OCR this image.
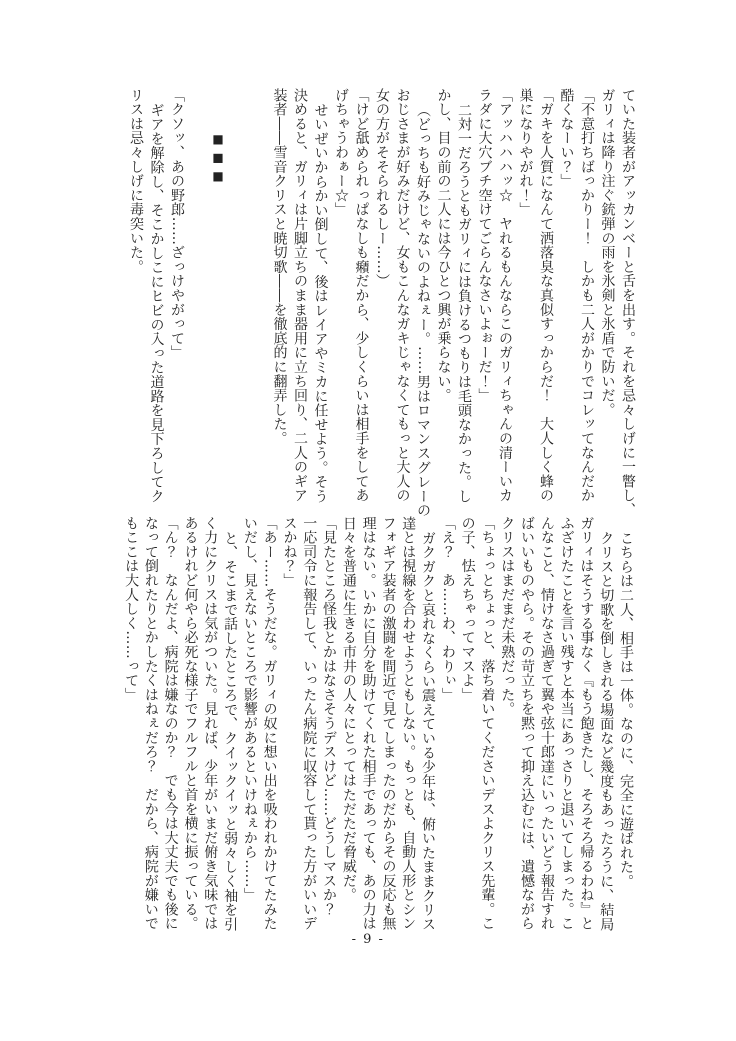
ていた装者がアッカンベーと舌を出す。それを忌々しげに一瞥し、
ガリィは降り注ぐ銃弾の雨を氷剣と氷盾で防いだ。
「不意打ちばっかりー！　しかも二人がかりでコレッてなんだか
酷くなーい？」
「ガキを人質になんて洒落臭な真似すっからだ！　大人しく蜂の
巣になりやがれ！」
「アッハハハッ☆　ヤれるもんならこのガリィちゃんの清ーいカ
ラダに大穴ブチ空けてごらんなさいよぉーだ！」
二対一だろうともガリィには負けるつもりは毛頭なかった。し
かし、目の前の二人には今ひとつ興が乗らない。
（どっちも好みじゃないのよねぇー。……男はロマンスグレーの
おじさまが好みだけど、女もこんなガキじゃなくてもっと大人の
女の方がそそられるしー……）
「けど舐められっぱなしも癪だから、少しくらいは相手をしてあ
げちゃうわぁー☆」
せいぜいからかい倒して、後はレイアやミカに任せよう。そう
決めると、ガリィは片脚立ちのまま器用に立ち回り、二人のギア
装者――雪音クリスと暁切歌――を徹底的に翻弄した。
■■■
「クソッ、あの野郎……ざっけやがって」
ギアを解除し、そこかしこにヒビの入った道路を見下ろしてク
リスは忌々しげに毒突いた。
こちらは二人、相手は一体。なのに、完全に遊ばれた。
クリスと切歌を倒しきれる場面など幾度もあったろうに、結局
ガリィはそうする事なく『もう飽きたし、そろそろ帰るわね』と
ふざけたことを言い残すと本当にあっさりと退いてしまった。こ
んなこと、情けなさ過ぎて翼や弦十郎達にいったいどう報告すれ
ばいいものやら。その苛立ちを黙って抑え込むには、遺憾ながら
クリスはまだまだ未熟だった。
「ちょっとちょっと、落ち着いてくださいデスよクリス先輩。こ
の子、怯えちゃってマスよ」
「え？　あ……わ、わりぃ」
ガクガクと哀れなくらい震えている少年は、俯いたままクリス
達とは視線を合わせようともしない。もっとも、自動人形とシン
フォギア装者の激闘を間近で見てしまったのだからその反応も無
理はない。いかに自分を助けてくれた相手であっても、あの力は
日々を普通に生きる市井の人々にとってはただただ脅威だ。
「見たところ怪我とかはなさそうデスけど……どうしマスか？
一応司令に報告して、いったん病院に収容して貰った方がいいデ
スかね？」
「あー……そうだな。ガリィの奴に想い出を吸われかけてたみた
いだし、見えないところで影響があるといけねぇから……」
と、そこまで話したところで、クイックイッと弱々しく袖を引
く力にクリスは気がついた。見れば、少年がいまだ俯き気味では
あるけれど何やら必死な様子でフルフルと首を横に振っている。
「ん？　なんだよ、病院は嫌なのか？　でも今は大丈夫でも後に
なって倒れたりとかしたくはねぇだろ？　だから、病院が嫌いで
もここは大人しく……って」
- 9 -
